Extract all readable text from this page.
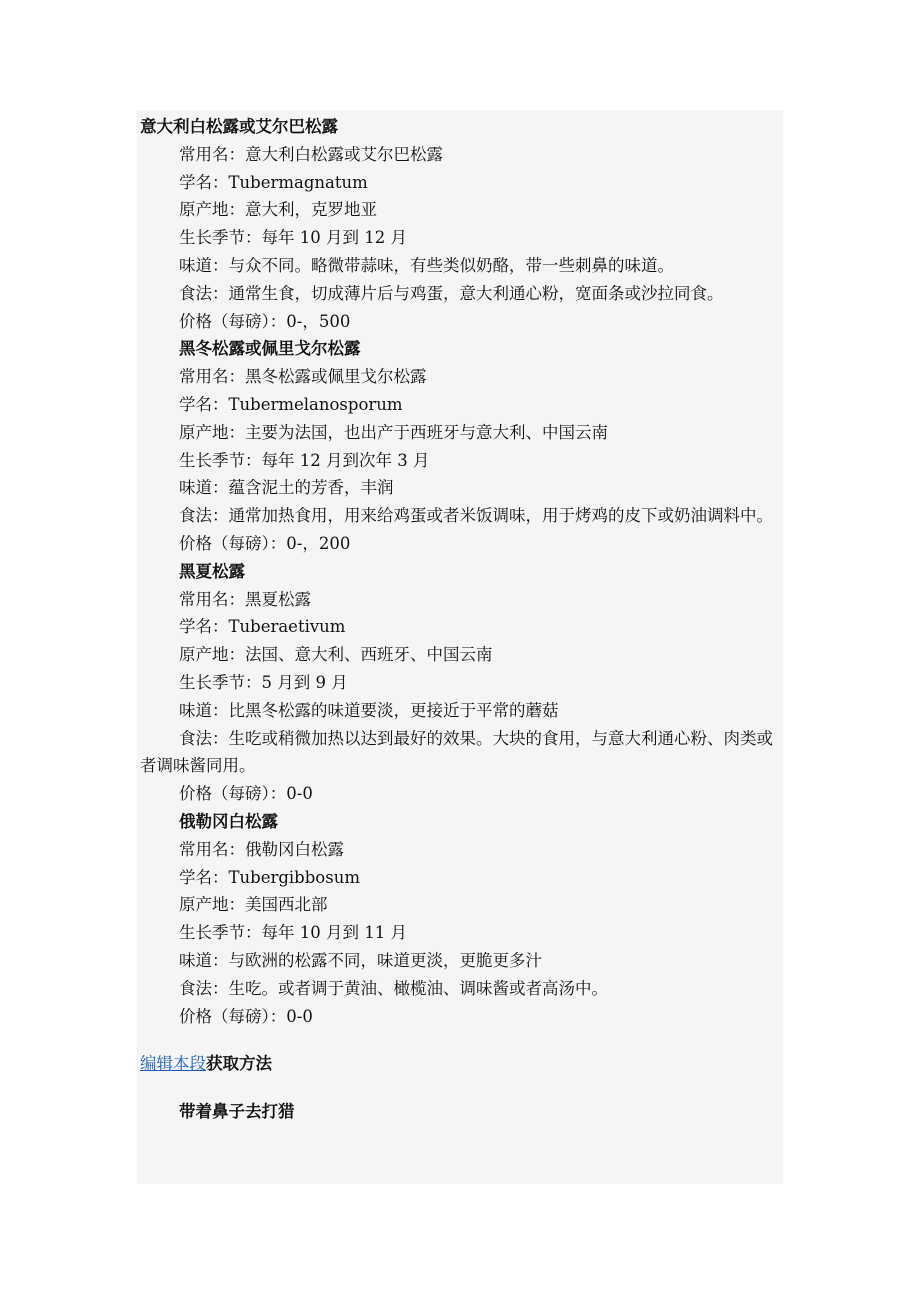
意大利白松露或艾尔巴松露
常用名：意大利白松露或艾尔巴松露
学名：Tubermagnatum
原产地：意大利，克罗地亚
生长季节：每年 10 月到 12 月
味道：与众不同。略微带蒜味，有些类似奶酪，带一些刺鼻的味道。
食法：通常生食，切成薄片后与鸡蛋，意大利通心粉，宽面条或沙拉同食。
价格（每磅）：0-，500
黑冬松露或佩里戈尔松露
常用名：黑冬松露或佩里戈尔松露
学名：Tubermelanosporum
原产地：主要为法国，也出产于西班牙与意大利、中国云南
生长季节：每年 12 月到次年 3 月
味道：蕴含泥土的芳香，丰润
食法：通常加热食用，用来给鸡蛋或者米饭调味，用于烤鸡的皮下或奶油调料中。
价格（每磅）：0-，200
黑夏松露
常用名：黑夏松露
学名：Tuberaetivum
原产地：法国、意大利、西班牙、中国云南
生长季节：5 月到 9 月
味道：比黑冬松露的味道要淡，更接近于平常的蘑菇
食法：生吃或稍微加热以达到最好的效果。大块的食用，与意大利通心粉、肉类或者调味酱同用。
价格（每磅）：0-0
俄勒冈白松露
常用名：俄勒冈白松露
学名：Tubergibbosum
原产地：美国西北部
生长季节：每年 10 月到 11 月
味道：与欧洲的松露不同，味道更淡，更脆更多汁
食法：生吃。或者调于黄油、橄榄油、调味酱或者高汤中。
价格（每磅）：0-0
编辑本段获取方法
带着鼻子去打猎
